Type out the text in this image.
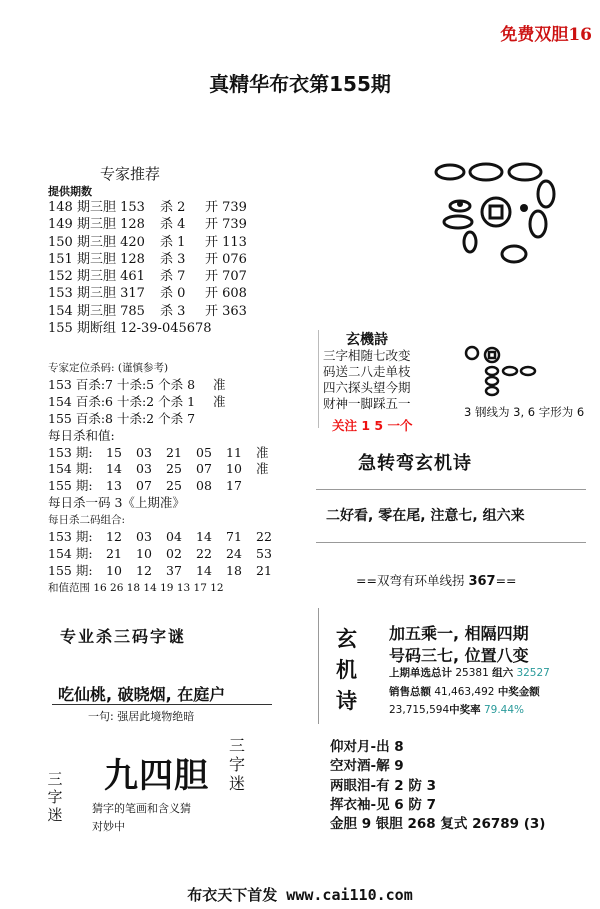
免费双胆16
真精华布衣第155期
专家推荐
提供期数
148 期三胆 153 杀 2 开 739
149 期三胆 128 杀 4 开 739
150 期三胆 420 杀 1 开 113
151 期三胆 128 杀 3 开 076
152 期三胆 461 杀 7 开 707
153 期三胆 317 杀 0 开 608
154 期三胆 785 杀 3 开 363
155 期断组 12-39-045678
专家定位杀码: (谨慎参考)
153 百杀:7 十杀:5 个杀 8 准
154 百杀:6 十杀:2 个杀 1 准
155 百杀:8 十杀:2 个杀 7
每日杀和值:
153 期: 15 03 21 05 11 准
154 期: 14 03 25 07 10 准
155 期: 13 07 25 08 17
每日杀一码 3《上期准》
每日杀二码组合:
153 期: 12 03 04 14 71 22
154 期: 21 10 02 22 24 53
155 期: 10 12 37 14 18 21
和值范围 16 26 18 14 19 13 17 12
专业杀三码字谜
吃仙桃, 破晓烟, 在庭户
一句: 强居此境物绝暗
三
字
迷
三
字
迷
九四胆
猜字的笔画和含义猜
对妙中
玄機詩
三字相随七改变
码送二八走单枝
四六探头望今期
财神一脚踩五一
关注 1 5 一个
3 钢线为 3, 6 字形为 6
急转弯玄机诗
二好看, 零在尾, 注意七, 组六来
==双弯有环单线拐 367==
玄
机
诗
加五乘一, 相隔四期
号码三七, 位置八变
上期单选总计 25381 组六 32527
销售总额 41,463,492 中奖金额
23,715,594中奖率 79.44%
仰对月-出 8
空对酒-解 9
两眼泪-有 2 防 3
挥衣袖-见 6 防 7
金胆 9 银胆 268 复式 26789 (3)
布衣天下首发 www.cai110.com
